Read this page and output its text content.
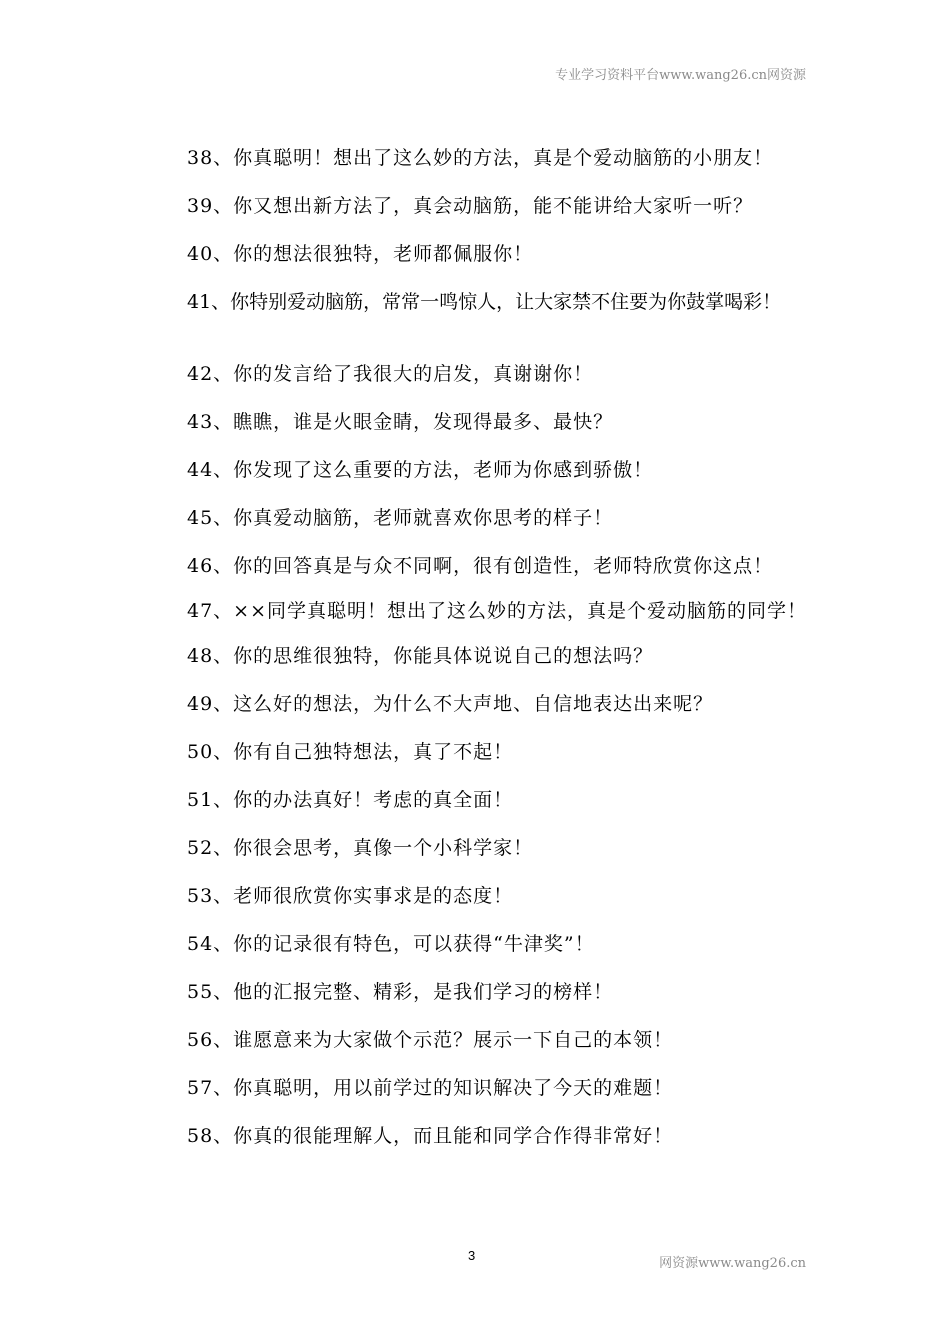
专业学习资料平台www.wang26.cn网资源

38、你真聪明！想出了这么妙的方法，真是个爱动脑筋的小朋友！

39、你又想出新方法了，真会动脑筋，能不能讲给大家听一听？

40、你的想法很独特，老师都佩服你！

41、你特别爱动脑筋，常常一鸣惊人，让大家禁不住要为你鼓掌喝彩！

42、你的发言给了我很大的启发，真谢谢你！

43、瞧瞧，谁是火眼金睛，发现得最多、最快？

44、你发现了这么重要的方法，老师为你感到骄傲！

45、你真爱动脑筋，老师就喜欢你思考的样子！

46、你的回答真是与众不同啊，很有创造性，老师特欣赏你这点！

47、××同学真聪明！想出了这么妙的方法，真是个爱动脑筋的同学！

48、你的思维很独特，你能具体说说自己的想法吗？

49、这么好的想法，为什么不大声地、自信地表达出来呢？

50、你有自己独特想法，真了不起！

51、你的办法真好！考虑的真全面！

52、你很会思考，真像一个小科学家！

53、老师很欣赏你实事求是的态度！

54、你的记录很有特色，可以获得“牛津奖”！

55、他的汇报完整、精彩，是我们学习的榜样！

56、谁愿意来为大家做个示范？展示一下自己的本领！

57、你真聪明，用以前学过的知识解决了今天的难题！

58、你真的很能理解人，而且能和同学合作得非常好！

3
网资源www.wang26.cn
